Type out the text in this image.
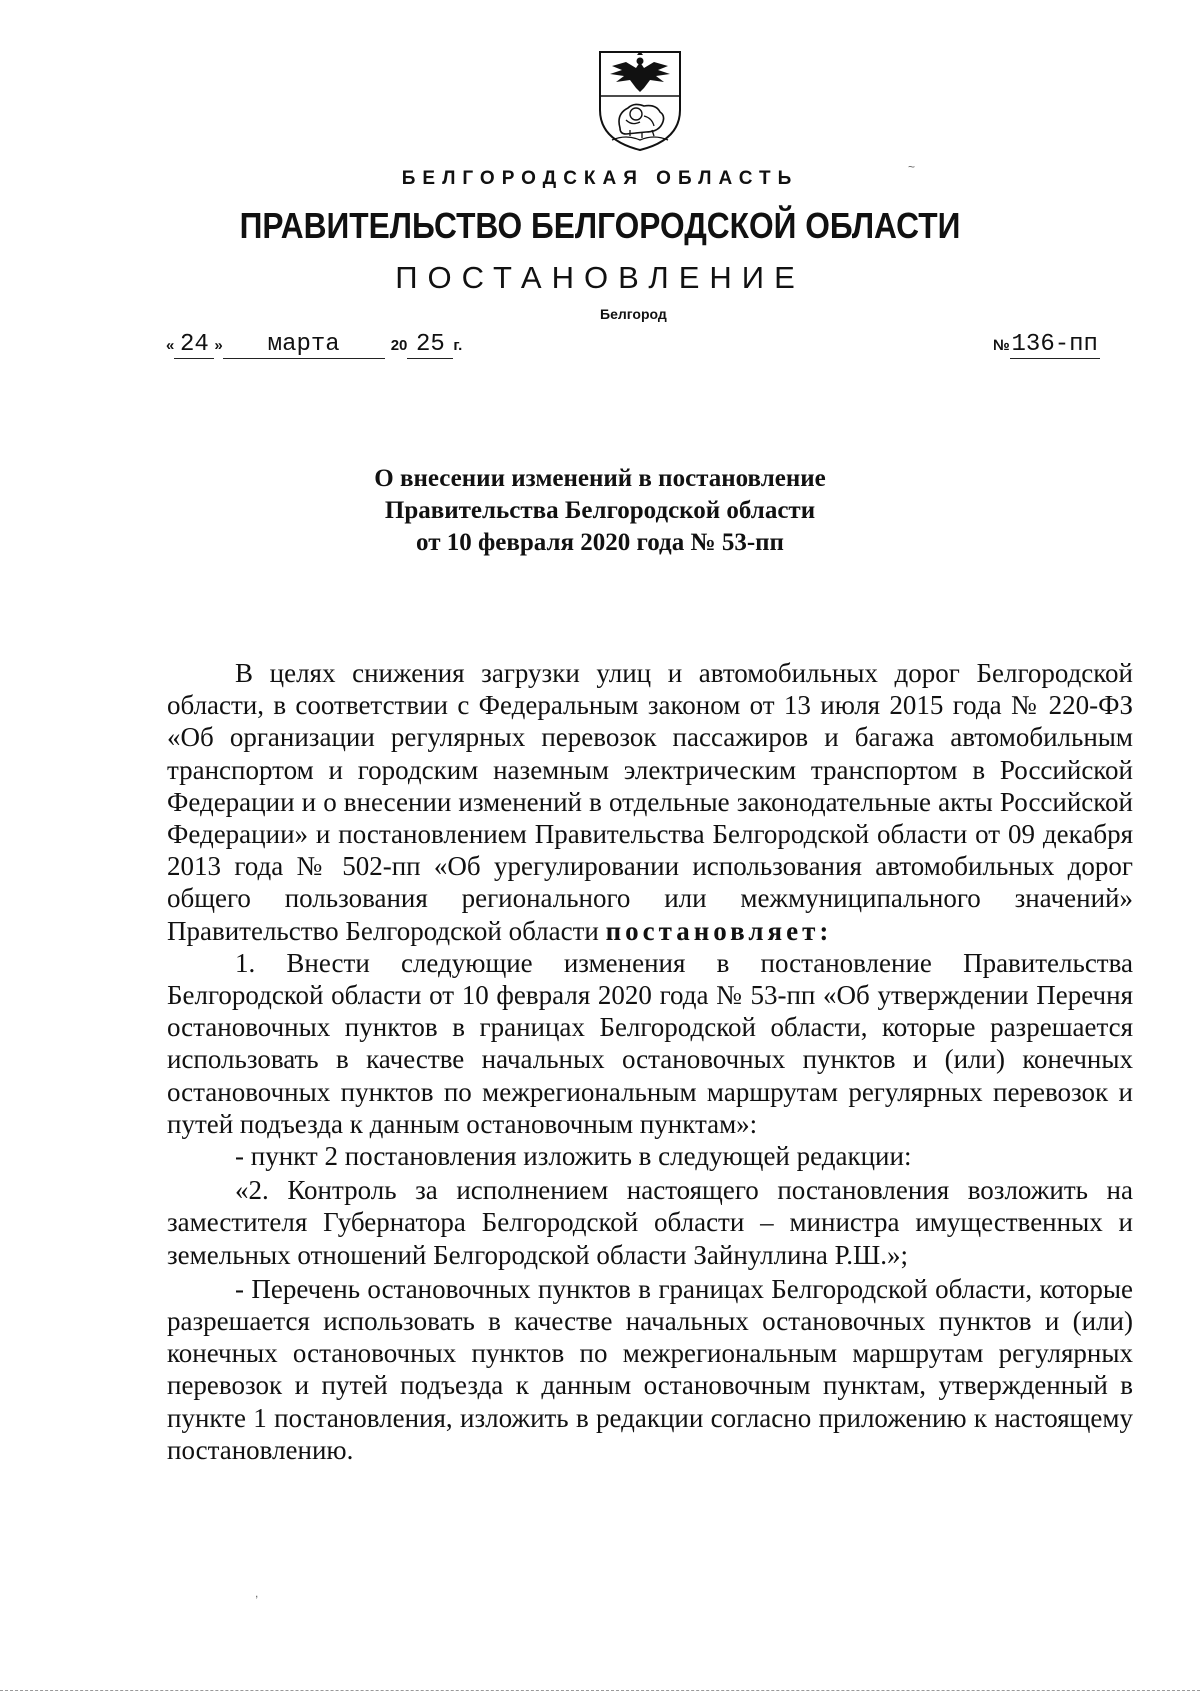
БЕЛГОРОДСКАЯ ОБЛАСТЬ
ПРАВИТЕЛЬСТВО БЕЛГОРОДСКОЙ ОБЛАСТИ
ПОСТАНОВЛЕНИЕ
Белгород
« 24 » марта	20 25 г.	№136-пп
О внесении изменений в постановление
Правительства Белгородской области
от 10 февраля 2020 года № 53-пп

В целях снижения загрузки улиц и автомобильных дорог Белгородской области, в соответствии с Федеральным законом от 13 июля 2015 года № 220-ФЗ «Об организации регулярных перевозок пассажиров и багажа автомобильным транспортом и городским наземным электрическим транспортом в Российской Федерации и о внесении изменений в отдельные законодательные акты Российской Федерации» и постановлением Правительства Белгородской области от 09 декабря 2013 года № 502-пп «Об урегулировании использования автомобильных дорог общего пользования регионального или межмуниципального значений» Правительство Белгородской области постановляет:

1. Внести следующие изменения в постановление Правительства Белгородской области от 10 февраля 2020 года № 53-пп «Об утверждении Перечня остановочных пунктов в границах Белгородской области, которые разрешается использовать в качестве начальных остановочных пунктов и (или) конечных остановочных пунктов по межрегиональным маршрутам регулярных перевозок и путей подъезда к данным остановочным пунктам»:

- пункт 2 постановления изложить в следующей редакции:

«2. Контроль за исполнением настоящего постановления возложить на заместителя Губернатора Белгородской области – министра имущественных и земельных отношений Белгородской области Зайнуллина Р.Ш.»;

- Перечень остановочных пунктов в границах Белгородской области, которые разрешается использовать в качестве начальных остановочных пунктов и (или) конечных остановочных пунктов по межрегиональным маршрутам регулярных перевозок и путей подъезда к данным остановочным пунктам, утвержденный в пункте 1 постановления, изложить в редакции согласно приложению к настоящему постановлению.

~
,
